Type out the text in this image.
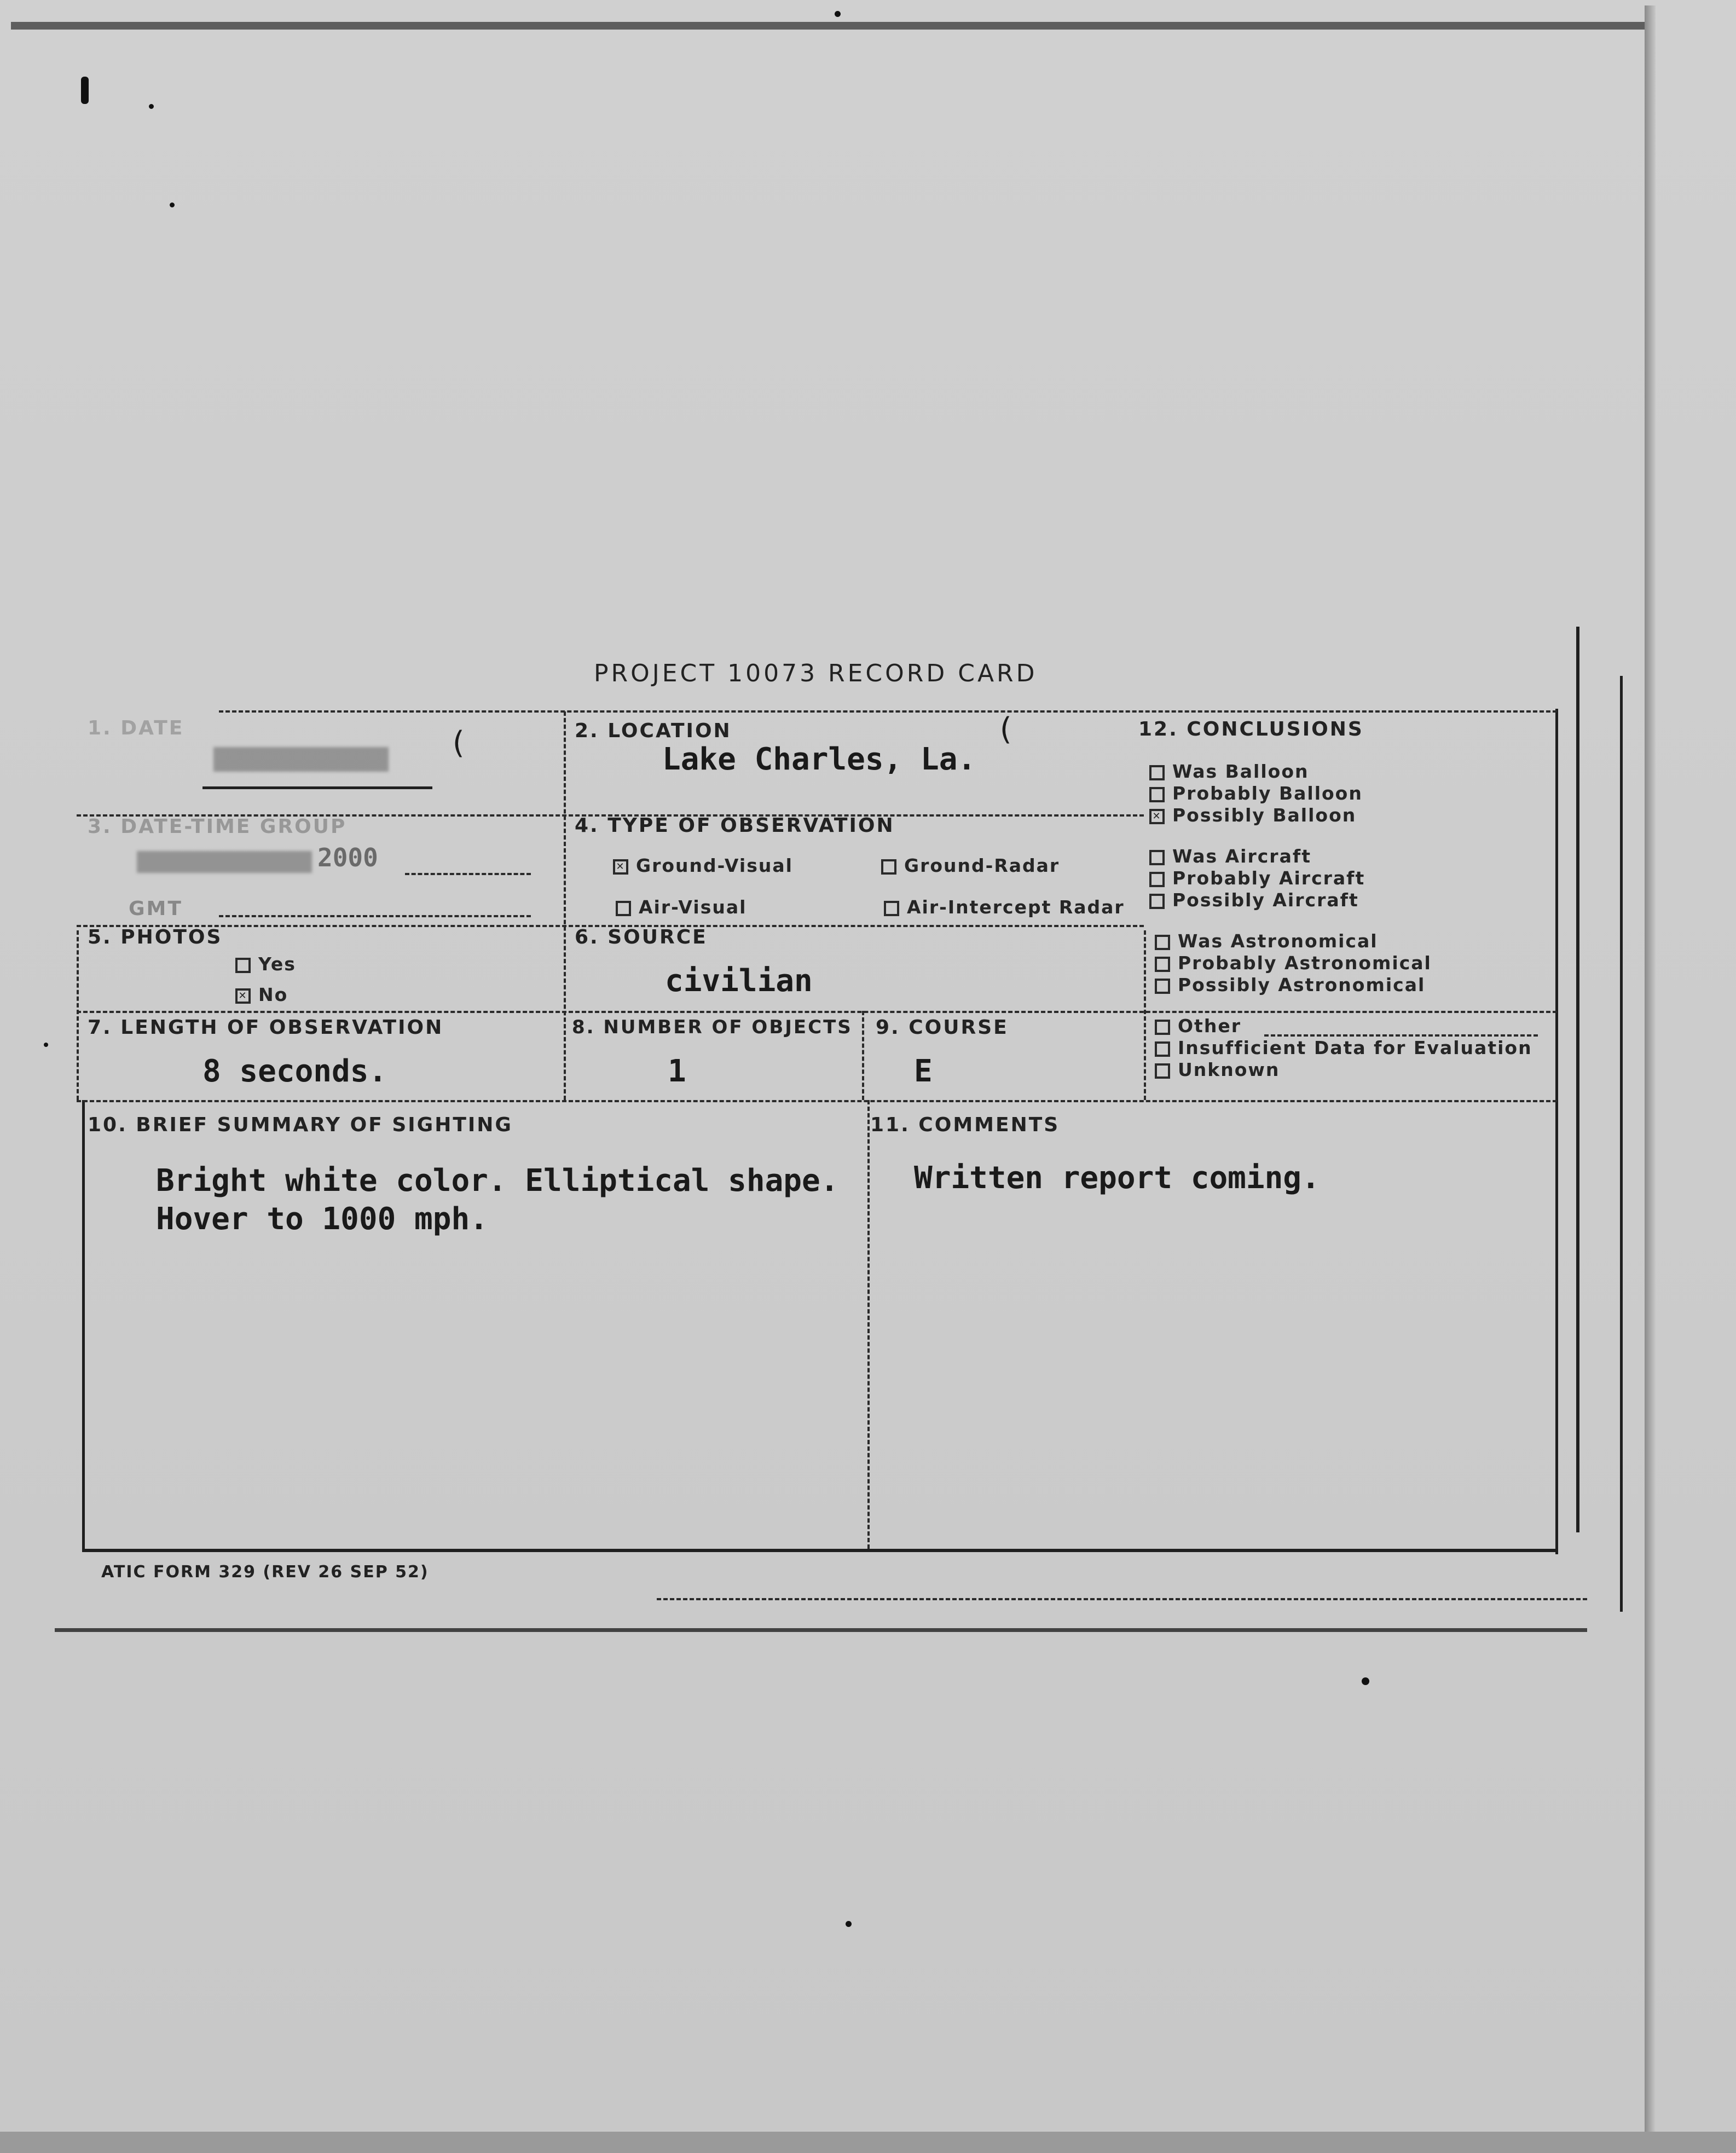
PROJECT 10073 RECORD CARD
1. DATE	(	2. LOCATION
Lake Charles, La.
(
3. DATE-TIME GROUP
2000
GMT
4. TYPE OF OBSERVATION
✕Ground-Visual	Ground-Radar
Air-Visual	Air-Intercept Radar
5. PHOTOS
Yes
✕No
6. SOURCE
civilian
7. LENGTH OF OBSERVATION
8 seconds.
8. NUMBER OF OBJECTS
1
9. COURSE
E
10. BRIEF SUMMARY OF SIGHTING
Bright white color. Elliptical shape.
Hover to 1000 mph.
11. COMMENTS
Written report coming.
12. CONCLUSIONS
Was Balloon
Probably Balloon
✕Possibly Balloon
Was Aircraft
Probably Aircraft
Possibly Aircraft
Was Astronomical
Probably Astronomical
Possibly Astronomical
Other
Insufficient Data for Evaluation
Unknown
ATIC FORM 329 (REV 26 SEP 52)
